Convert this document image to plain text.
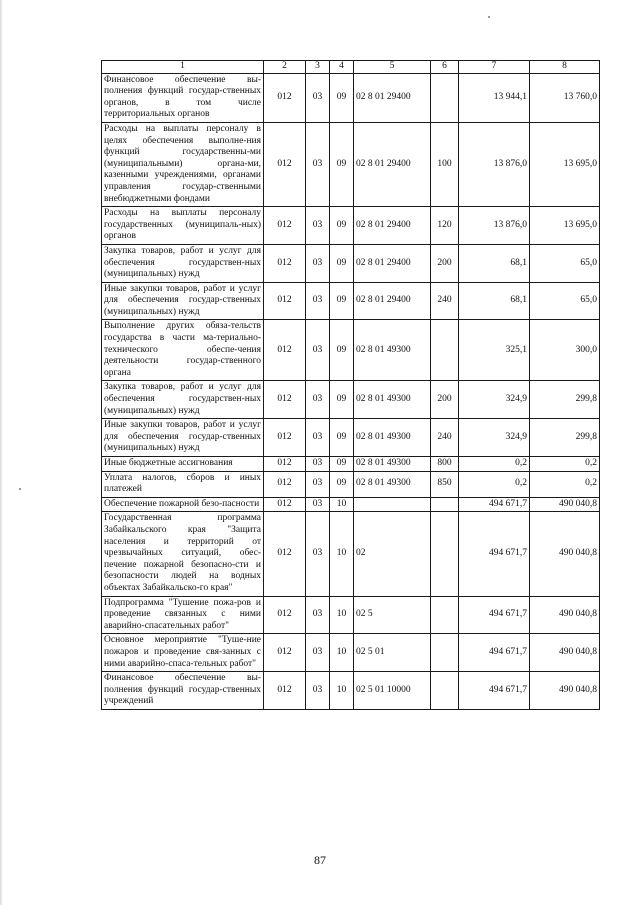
1	2	3	4	5	6	7	8
Финансовое обеспечение вы-полнения функций государ-ственных органов, в том числе территориальных органов	012	03	09	02 8 01 29400		13 944,1	13 760,0
Расходы на выплаты персоналу в целях обеспечения выполне-ния функций государственны-ми (муниципальными) органа-ми, казенными учреждениями, органами управления государ-ственными внебюджетными фондами	012	03	09	02 8 01 29400	100	13 876,0	13 695,0
Расходы на выплаты персоналу государственных (муниципаль-ных) органов	012	03	09	02 8 01 29400	120	13 876,0	13 695,0
Закупка товаров, работ и услуг для обеспечения государствен-ных (муниципальных) нужд	012	03	09	02 8 01 29400	200	68,1	65,0
Иные закупки товаров, работ и услуг для обеспечения государ-ственных (муниципальных) нужд	012	03	09	02 8 01 29400	240	68,1	65,0
Выполнение других обяза-тельств государства в части ма-териально-технического обеспе-чения деятельности государ-ственного органа	012	03	09	02 8 01 49300		325,1	300,0
Закупка товаров, работ и услуг для обеспечения государствен-ных (муниципальных) нужд	012	03	09	02 8 01 49300	200	324,9	299,8
Иные закупки товаров, работ и услуг для обеспечения государ-ственных (муниципальных) нужд	012	03	09	02 8 01 49300	240	324,9	299,8
Иные бюджетные ассигнования	012	03	09	02 8 01 49300	800	0,2	0,2
Уплата налогов, сборов и иных платежей	012	03	09	02 8 01 49300	850	0,2	0,2
Обеспечение пожарной безо-пасности	012	03	10			494 671,7	490 040,8
Государственная программа Забайкальского края "Защита населения и территорий от чрезвычайных ситуаций, обес-печение пожарной безопасно-сти и безопасности людей на водных объектах Забайкальско-го края"	012	03	10	02		494 671,7	490 040,8
Подпрограмма "Тушение пожа-ров и проведение связанных с ними аварийно-спасательных работ"	012	03	10	02 5		494 671,7	490 040,8
Основное мероприятие "Туше-ние пожаров и проведение свя-занных с ними аварийно-спаса-тельных работ"	012	03	10	02 5 01		494 671,7	490 040,8
Финансовое обеспечение вы-полнения функций государ-ственных учреждений	012	03	10	02 5 01 10000		494 671,7	490 040,8
87
